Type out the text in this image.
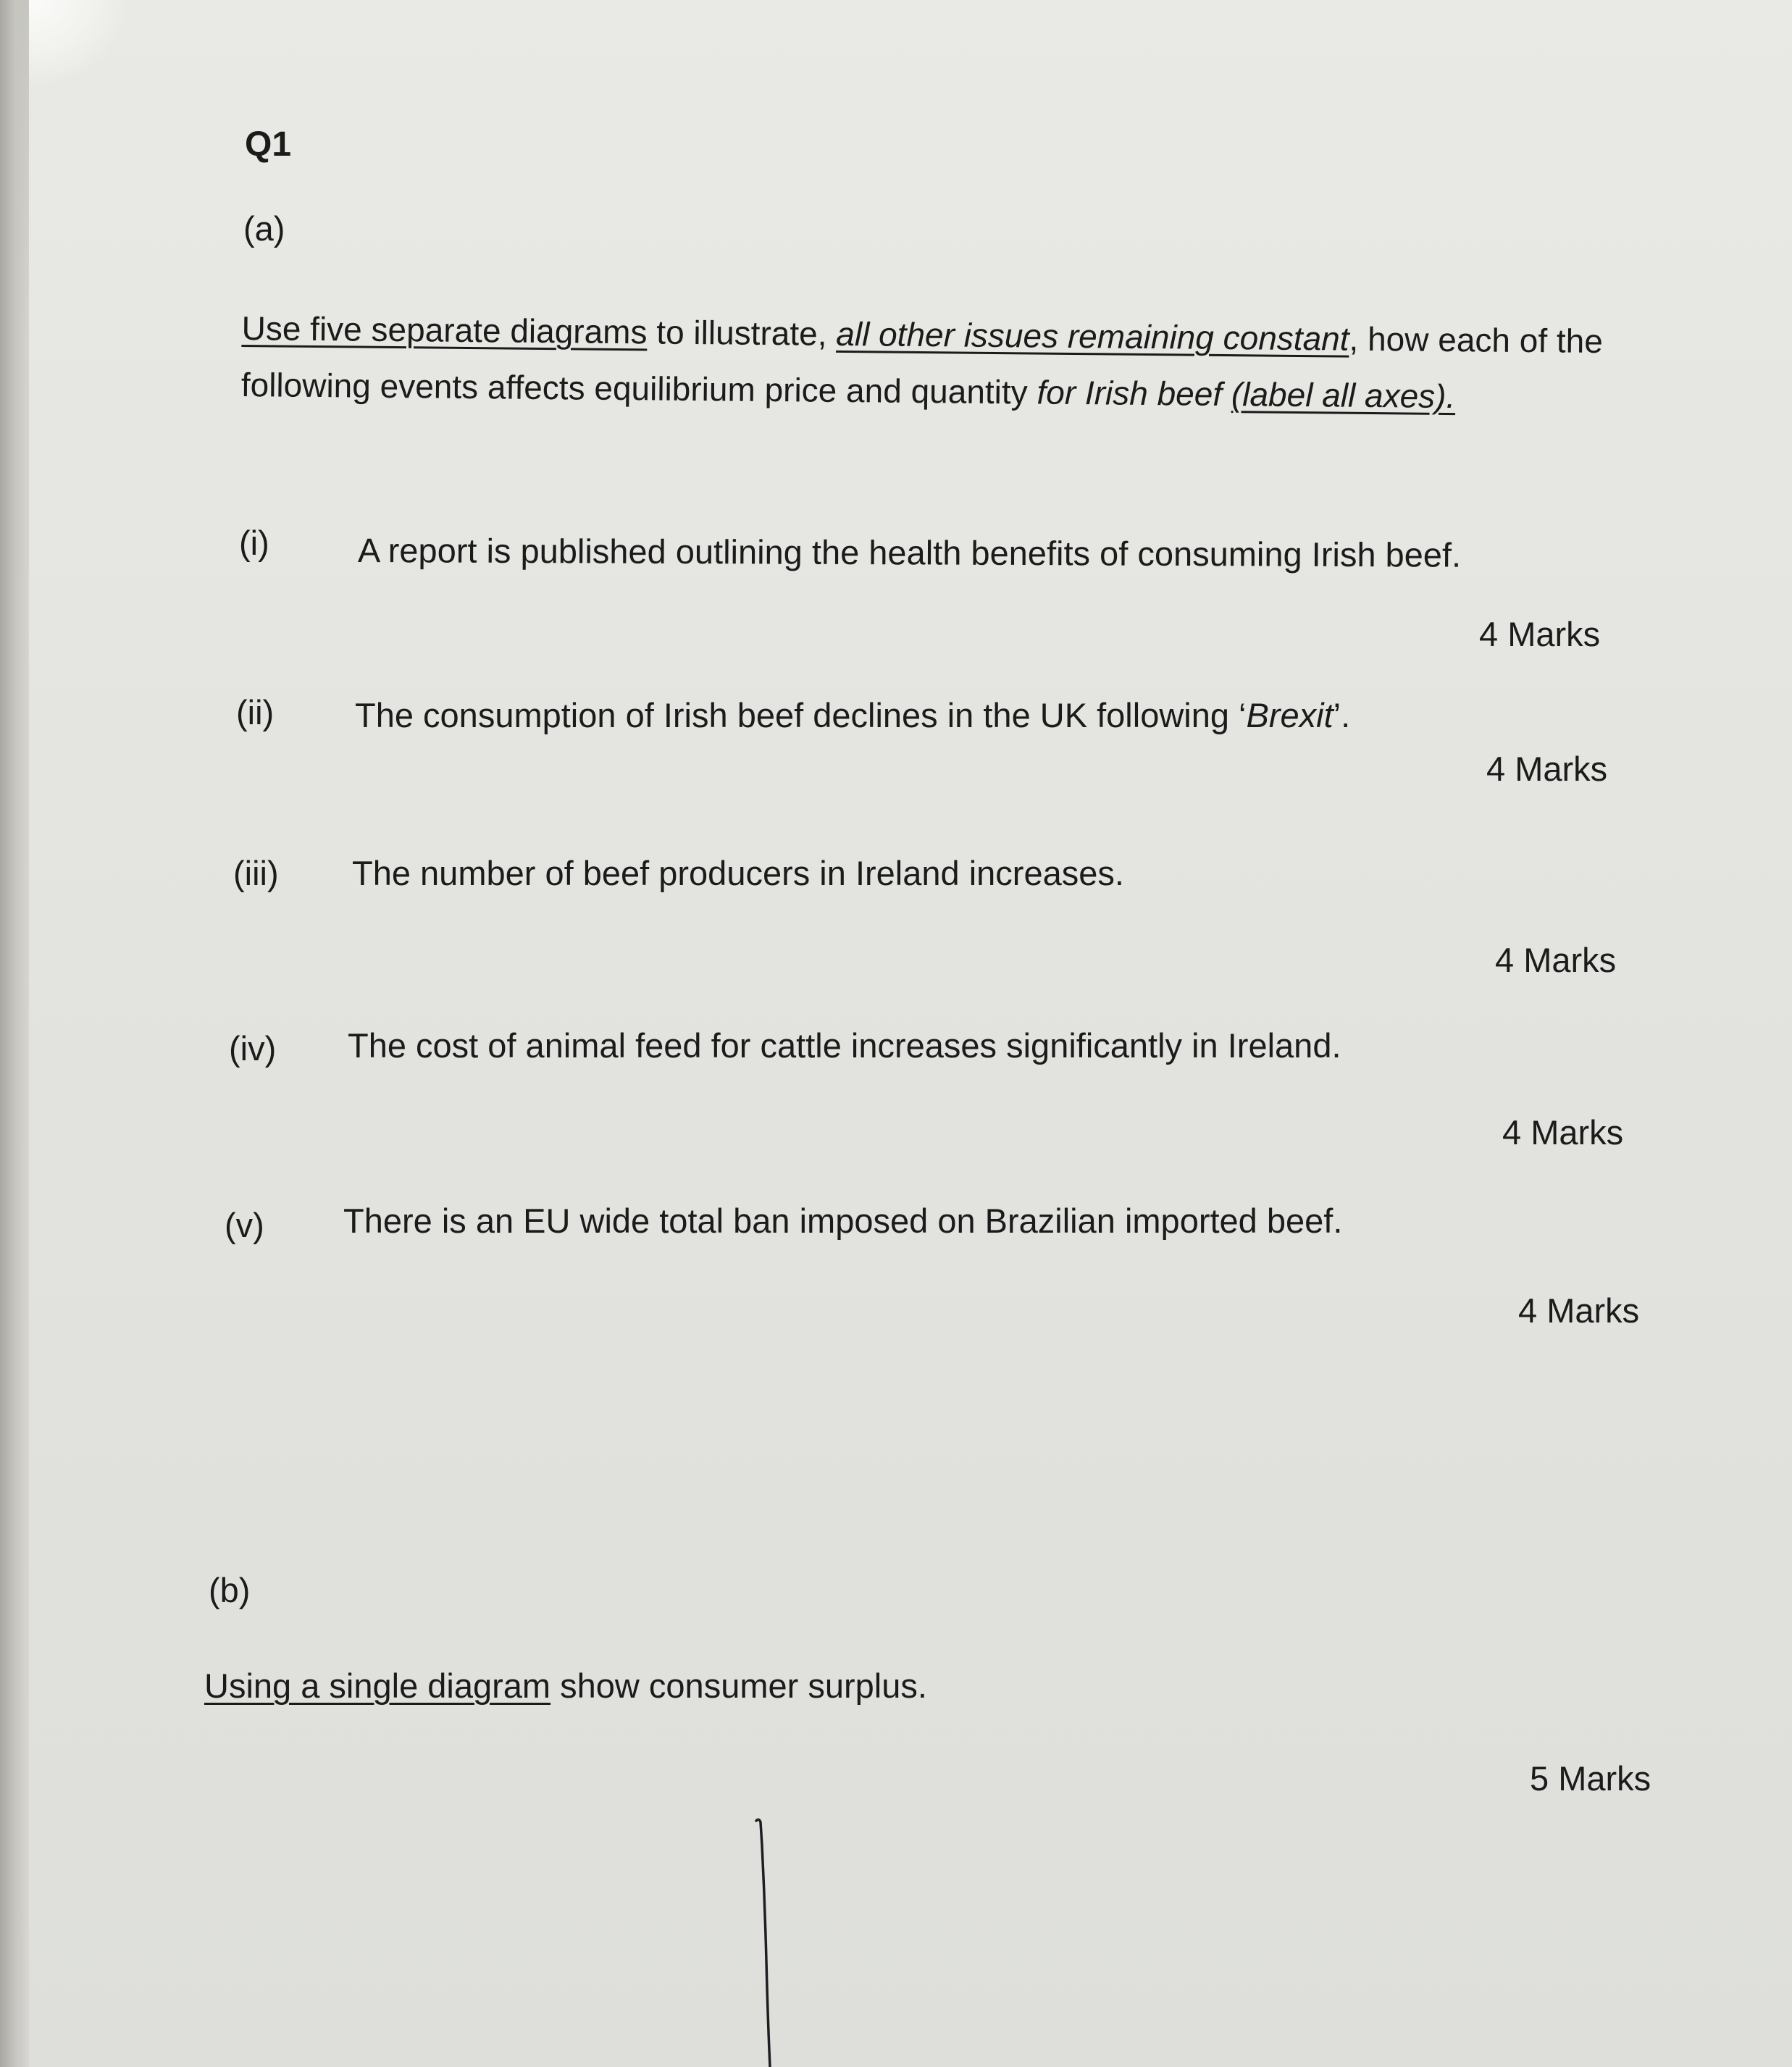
Q1
(a)
Use five separate diagrams to illustrate, all other issues remaining constant, how each of the
following events affects equilibrium price and quantity for Irish beef (label all axes).
(i)	A report is published outlining the health benefits of consuming Irish beef.
4 Marks
(ii) The consumption of Irish beef declines in the UK following ‘Brexit’.
4 Marks
(iii) The number of beef producers in Ireland increases.
4 Marks
(iv) The cost of animal feed for cattle increases significantly in Ireland.
4 Marks
(v) There is an EU wide total ban imposed on Brazilian imported beef.
4 Marks
(b)
Using a single diagram show consumer surplus.
5 Marks
